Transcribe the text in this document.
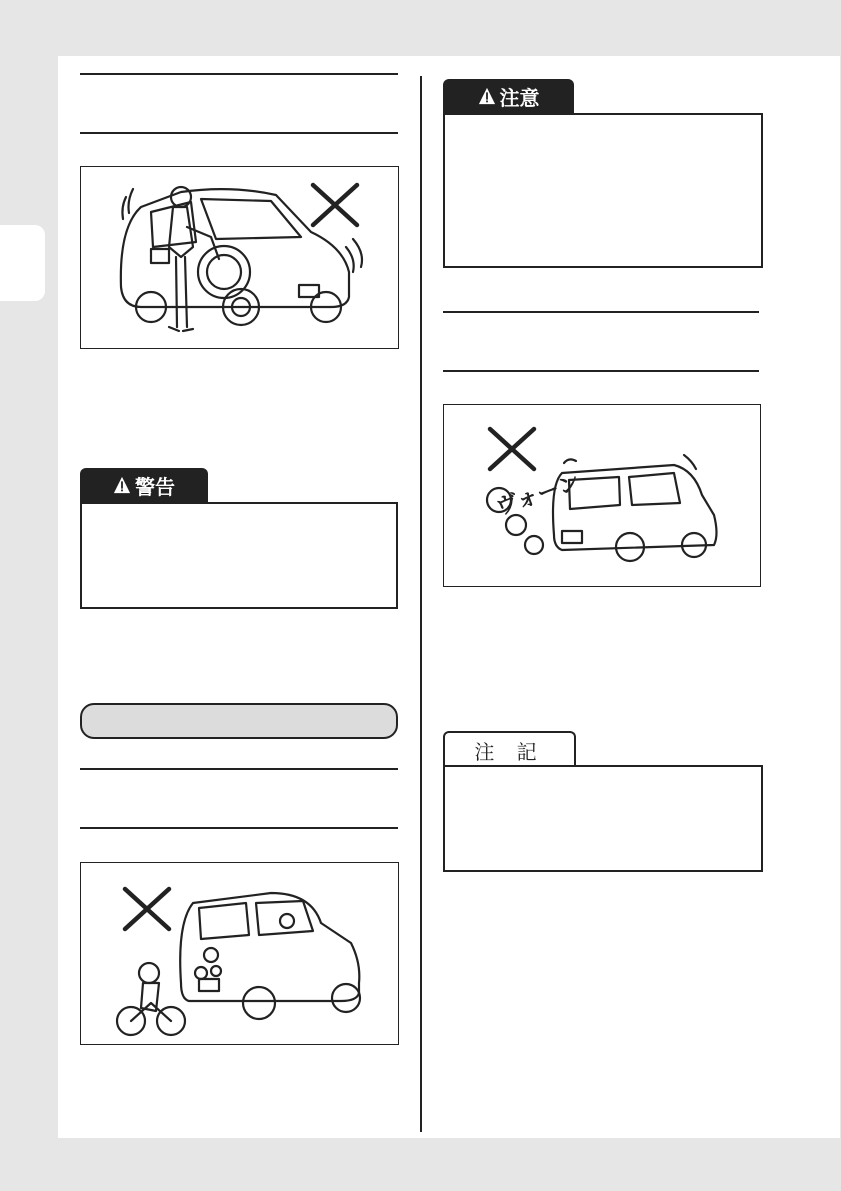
警告
注意
ヴォーン
注 記
